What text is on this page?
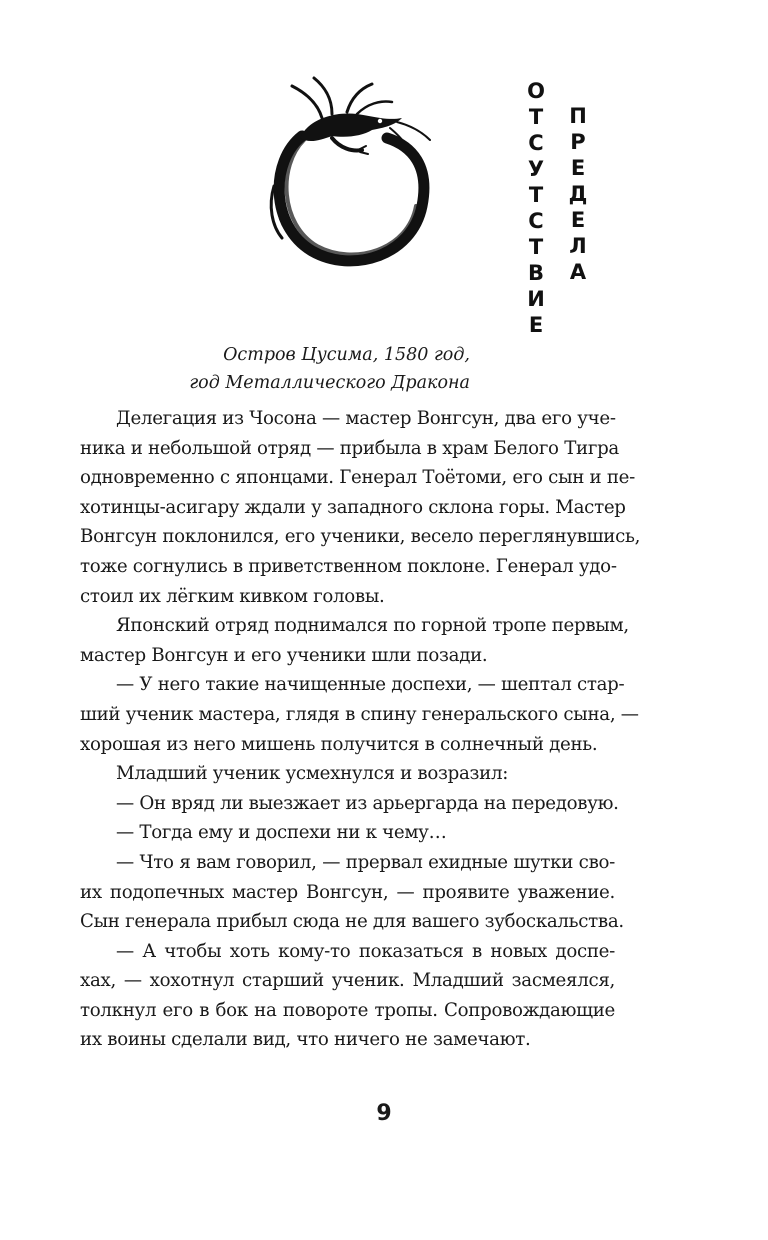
О
Т
С
У
Т
С
Т
В
И
Е
П
Р
Е
Д
Е
Л
А
Остров Цусима, 1580 год,
год Металлического Дракона
Делегация из Чосона — мастер Вонгсун, два его уче-
ника и небольшой отряд — прибыла в храм Белого Тигра
одновременно с японцами. Генерал Тоётоми, его сын и пе-
хотинцы-асигару ждали у западного склона горы. Мастер
Вонгсун поклонился, его ученики, весело переглянувшись,
тоже согнулись в приветственном поклоне. Генерал удо-
стоил их лёгким кивком головы.
Японский отряд поднимался по горной тропе первым,
мастер Вонгсун и его ученики шли позади.
— У него такие начищенные доспехи, — шептал стар-
ший ученик мастера, глядя в спину генеральского сына, —
хорошая из него мишень получится в солнечный день.
Младший ученик усмехнулся и возразил:
— Он вряд ли выезжает из арьергарда на передовую.
— Тогда ему и доспехи ни к чему…
— Что я вам говорил, — прервал ехидные шутки сво-
их подопечных мастер Вонгсун, — проявите уважение.
Сын генерала прибыл сюда не для вашего зубоскальства.
— А чтобы хоть кому-то показаться в новых доспе-
хах, — хохотнул старший ученик. Младший засмеялся,
толкнул его в бок на повороте тропы. Сопровождающие
их воины сделали вид, что ничего не замечают.
9
